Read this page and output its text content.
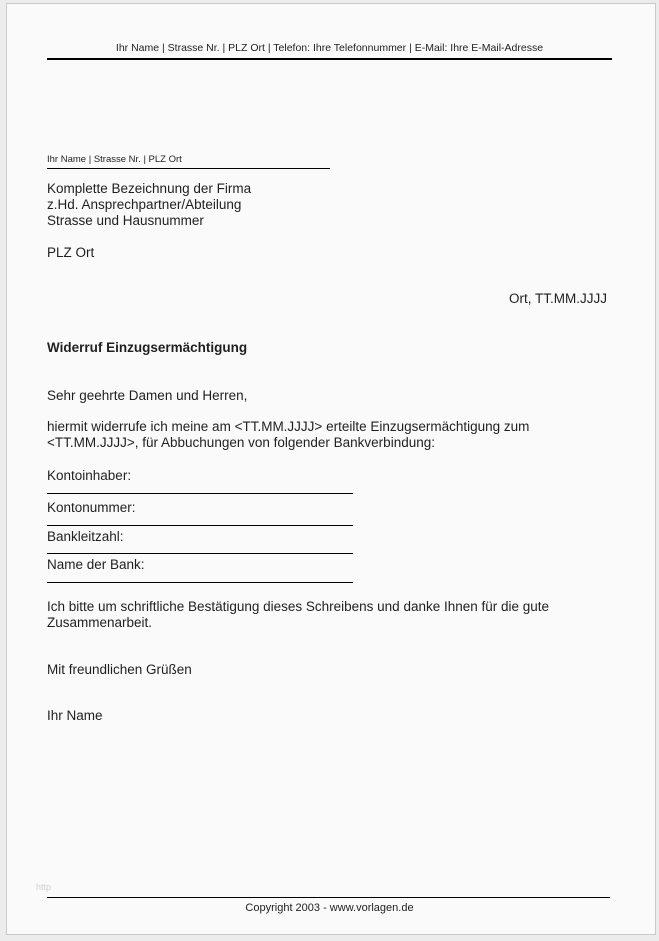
Ihr Name | Strasse Nr. | PLZ Ort | Telefon: Ihre Telefonnummer | E-Mail: Ihre E-Mail-Adresse
Ihr Name | Strasse Nr. | PLZ Ort
Komplette Bezeichnung der Firma
z.Hd. Ansprechpartner/Abteilung
Strasse und Hausnummer
PLZ Ort
Ort, TT.MM.JJJJ
Widerruf Einzugsermächtigung
Sehr geehrte Damen und Herren,
hiermit widerrufe ich meine am <TT.MM.JJJJ> erteilte Einzugsermächtigung zum
<TT.MM.JJJJ>, für Abbuchungen von folgender Bankverbindung:
Kontoinhaber:
Kontonummer:
Bankleitzahl:
Name der Bank:
Ich bitte um schriftliche Bestätigung dieses Schreibens und danke Ihnen für die gute
Zusammenarbeit.
Mit freundlichen Grüßen
Ihr Name
http
Copyright 2003 - www.vorlagen.de
